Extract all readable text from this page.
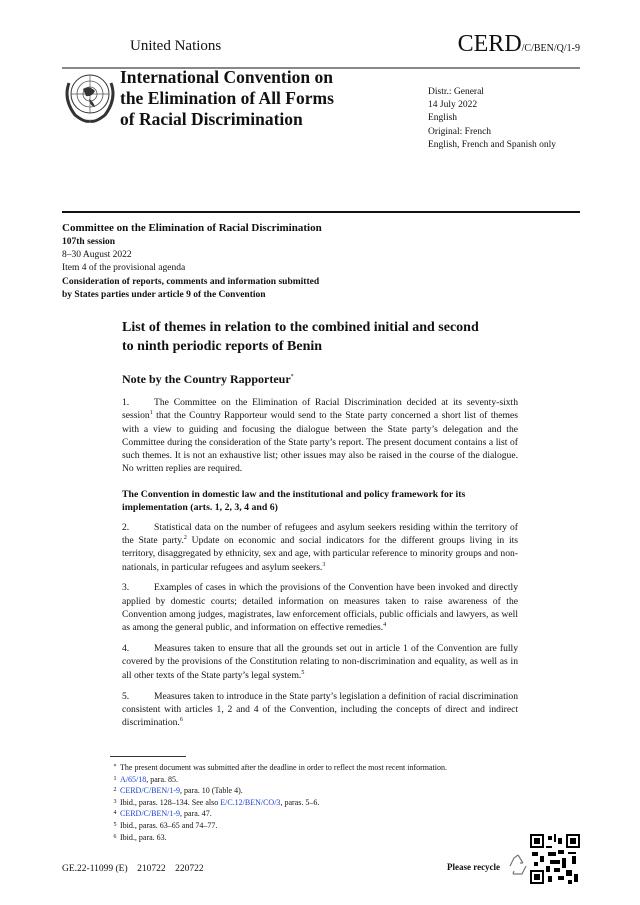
United Nations	CERD/C/BEN/Q/1-9
International Convention on
the Elimination of All Forms
of Racial Discrimination
Distr.: General
14 July 2022
English
Original: French
English, French and Spanish only
Committee on the Elimination of Racial Discrimination
107th session
8–30 August 2022
Item 4 of the provisional agenda
Consideration of reports, comments and information submitted
by States parties under article 9 of the Convention
List of themes in relation to the combined initial and second
to ninth periodic reports of Benin
Note by the Country Rapporteur*

1.	The Committee on the Elimination of Racial Discrimination decided at its seventy-sixth session$^1$ that the Country Rapporteur would send to the State party concerned a short list of themes with a view to guiding and focusing the dialogue between the State party’s delegation and the Committee during the consideration of the State party’s report. The present document contains a list of such themes. It is not an exhaustive list; other issues may also be raised in the course of the dialogue. No written replies are required.

The Convention in domestic law and the institutional and policy framework for its implementation (arts. 1, 2, 3, 4 and 6)

2.	Statistical data on the number of refugees and asylum seekers residing within the territory of the State party.$^2$ Update on economic and social indicators for the different groups living in its territory, disaggregated by ethnicity, sex and age, with particular reference to minority groups and non-nationals, in particular refugees and asylum seekers.$^3$

3.	Examples of cases in which the provisions of the Convention have been invoked and directly applied by domestic courts; detailed information on measures taken to raise awareness of the Convention among judges, magistrates, law enforcement officials, public officials and lawyers, as well as among the general public, and information on effective remedies.$^4$

4.	Measures taken to ensure that all the grounds set out in article 1 of the Convention are fully covered by the provisions of the Constitution relating to non-discrimination and equality, as well as in all other texts of the State party’s legal system.$^5$

5.	Measures taken to introduce in the State party’s legislation a definition of racial discrimination consistent with articles 1, 2 and 4 of the Convention, including the concepts of direct and indirect discrimination.$^6$

* The present document was submitted after the deadline in order to reflect the most recent information.
1 A/65/18, para. 85.
2 CERD/C/BEN/1-9, para. 10 (Table 4).
3 Ibid., paras. 128–134. See also E/C.12/BEN/CO/3, paras. 5–6.
4 CERD/C/BEN/1-9, para. 47.
5 Ibid., paras. 63–65 and 74–77.
6 Ibid., para. 63.
GE.22-11099 (E)    210722    220722	Please recycle
